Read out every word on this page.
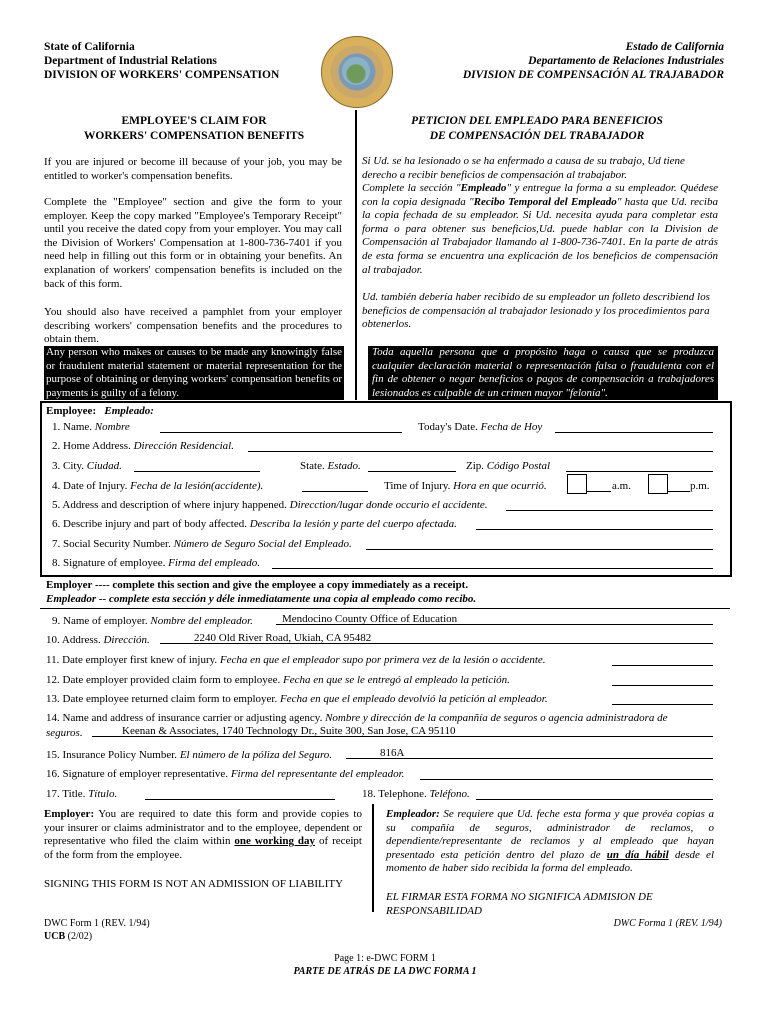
State of California
Department of Industrial Relations
DIVISION OF WORKERS' COMPENSATION
Estado de California
Departamento de Relaciones Industriales
DIVISION DE COMPENSACIÓN AL TRAJABADOR
EMPLOYEE'S CLAIM FOR
WORKERS' COMPENSATION BENEFITS
PETICION DEL EMPLEADO PARA BENEFICIOS
DE COMPENSACIÓN DEL TRABAJADOR
If you are injured or become ill because of your job, you may be entitled to worker's compensation benefits.
Complete the "Employee" section and give the form to your employer. Keep the copy marked "Employee's Temporary Receipt" until you receive the dated copy from your employer. You may call the Division of Workers' Compensation at 1-800-736-7401 if you need help in filling out this form or in obtaining your benefits. An explanation of workers' compensation benefits is included on the back of this form.
You should also have received a pamphlet from your employer describing workers' compensation benefits and the procedures to obtain them.
Any person who makes or causes to be made any knowingly false or fraudulent material statement or material representation for the purpose of obtaining or denying workers' compensation benefits or payments is guilty of a felony.
Si Ud. se ha lesionado o se ha enfermado a causa de su trabajo, Ud tiene derecho a recibir beneficios de compensación al trabajabor.
Complete la sección "Empleado" y entregue la forma a su empleador. Quédese con la copia designada "Recibo Temporal del Empleado" hasta que Ud. reciba la copia fechada de su empleador. Si Ud. necesita ayuda para completar esta forma o para obtener sus beneficios,Ud. puede hablar con la Division de Compensación al Trabajador llamando al 1-800-736-7401. En la parte de atrás de esta forma se encuentra una explicación de los beneficios de compensación al trabajador.
Ud. también debería haber recibido de su empleador un folleto describiend los beneficios de compensación al trabajador lesionado y los procedimientos para obtenerlos.
Toda aquella persona que a propósito haga o causa que se produzca cualquier declaración material o representación falsa o fraudulenta con el fin de obtener o negar beneficios o pagos de compensación a trabajadores lesionados es culpable de un crimen mayor "felonía".
Employee: Empleado:
1. Name. Nombre	Today's Date. Fecha de Hoy
2. Home Address. Dirección Residencial.
3. City. Ciudad.	State. Estado.	Zip. Código Postal
4. Date of Injury. Fecha de la lesión(accidente).	Time of Injury. Hora en que ocurrió.	a.m.	p.m.
5. Address and description of where injury happened. Direcction/lugar donde occurio el accidente.
6. Describe injury and part of body affected. Describa la lesión y parte del cuerpo afectada.
7. Social Security Number. Número de Seguro Social del Empleado.
8. Signature of employee. Firma del empleado.
Employer ---- complete this section and give the employee a copy immediately as a receipt.
Empleador -- complete esta sección y déle inmediatamente una copia al empleado como recibo.
9. Name of employer. Nombre del empleador.	Mendocino County Office of Education
10. Address. Dirección.	2240 Old River Road, Ukiah, CA 95482
11. Date employer first knew of injury. Fecha en que el empleador supo por primera vez de la lesión o accidente.
12. Date employer provided claim form to employee. Fecha en que se le entregó al empleado la petición.
13. Date employee returned claim form to employer. Fecha en que el empleado devolvió la petición al empleador.
14. Name and address of insurance carrier or adjusting agency. Nombre y dirección de la companñía de seguros o agencia administradora de
seguros.	Keenan & Associates, 1740 Technology Dr., Suite 300, San Jose, CA 95110
15. Insurance Policy Number. El número de la póliza del Seguro.	816A
16. Signature of employer representative. Firma del representante del empleador.
17. Title. Título.	18. Telephone. Teléfono.
Employer: You are required to date this form and provide copies to your insurer or claims administrator and to the employee, dependent or representative who filed the claim within one working day of receipt of the form from the employee.
SIGNING THIS FORM IS NOT AN ADMISSION OF LIABILITY
DWC Form 1 (REV. 1/94)
UCB (2/02)
Empleador: Se requiere que Ud. feche esta forma y que provéa copias a su compañía de seguros, administrador de reclamos, o dependiente/representante de reclamos y al empleado que hayan presentado esta petición dentro del plazo de un día hábil desde el momento de haber sido recibida la forma del empleado.
EL FIRMAR ESTA FORMA NO SIGNIFICA ADMISION DE RESPONSABILIDAD
DWC Forma 1 (REV. 1/94)
Page 1: e-DWC FORM 1
PARTE DE ATRÁS DE LA DWC FORMA 1
